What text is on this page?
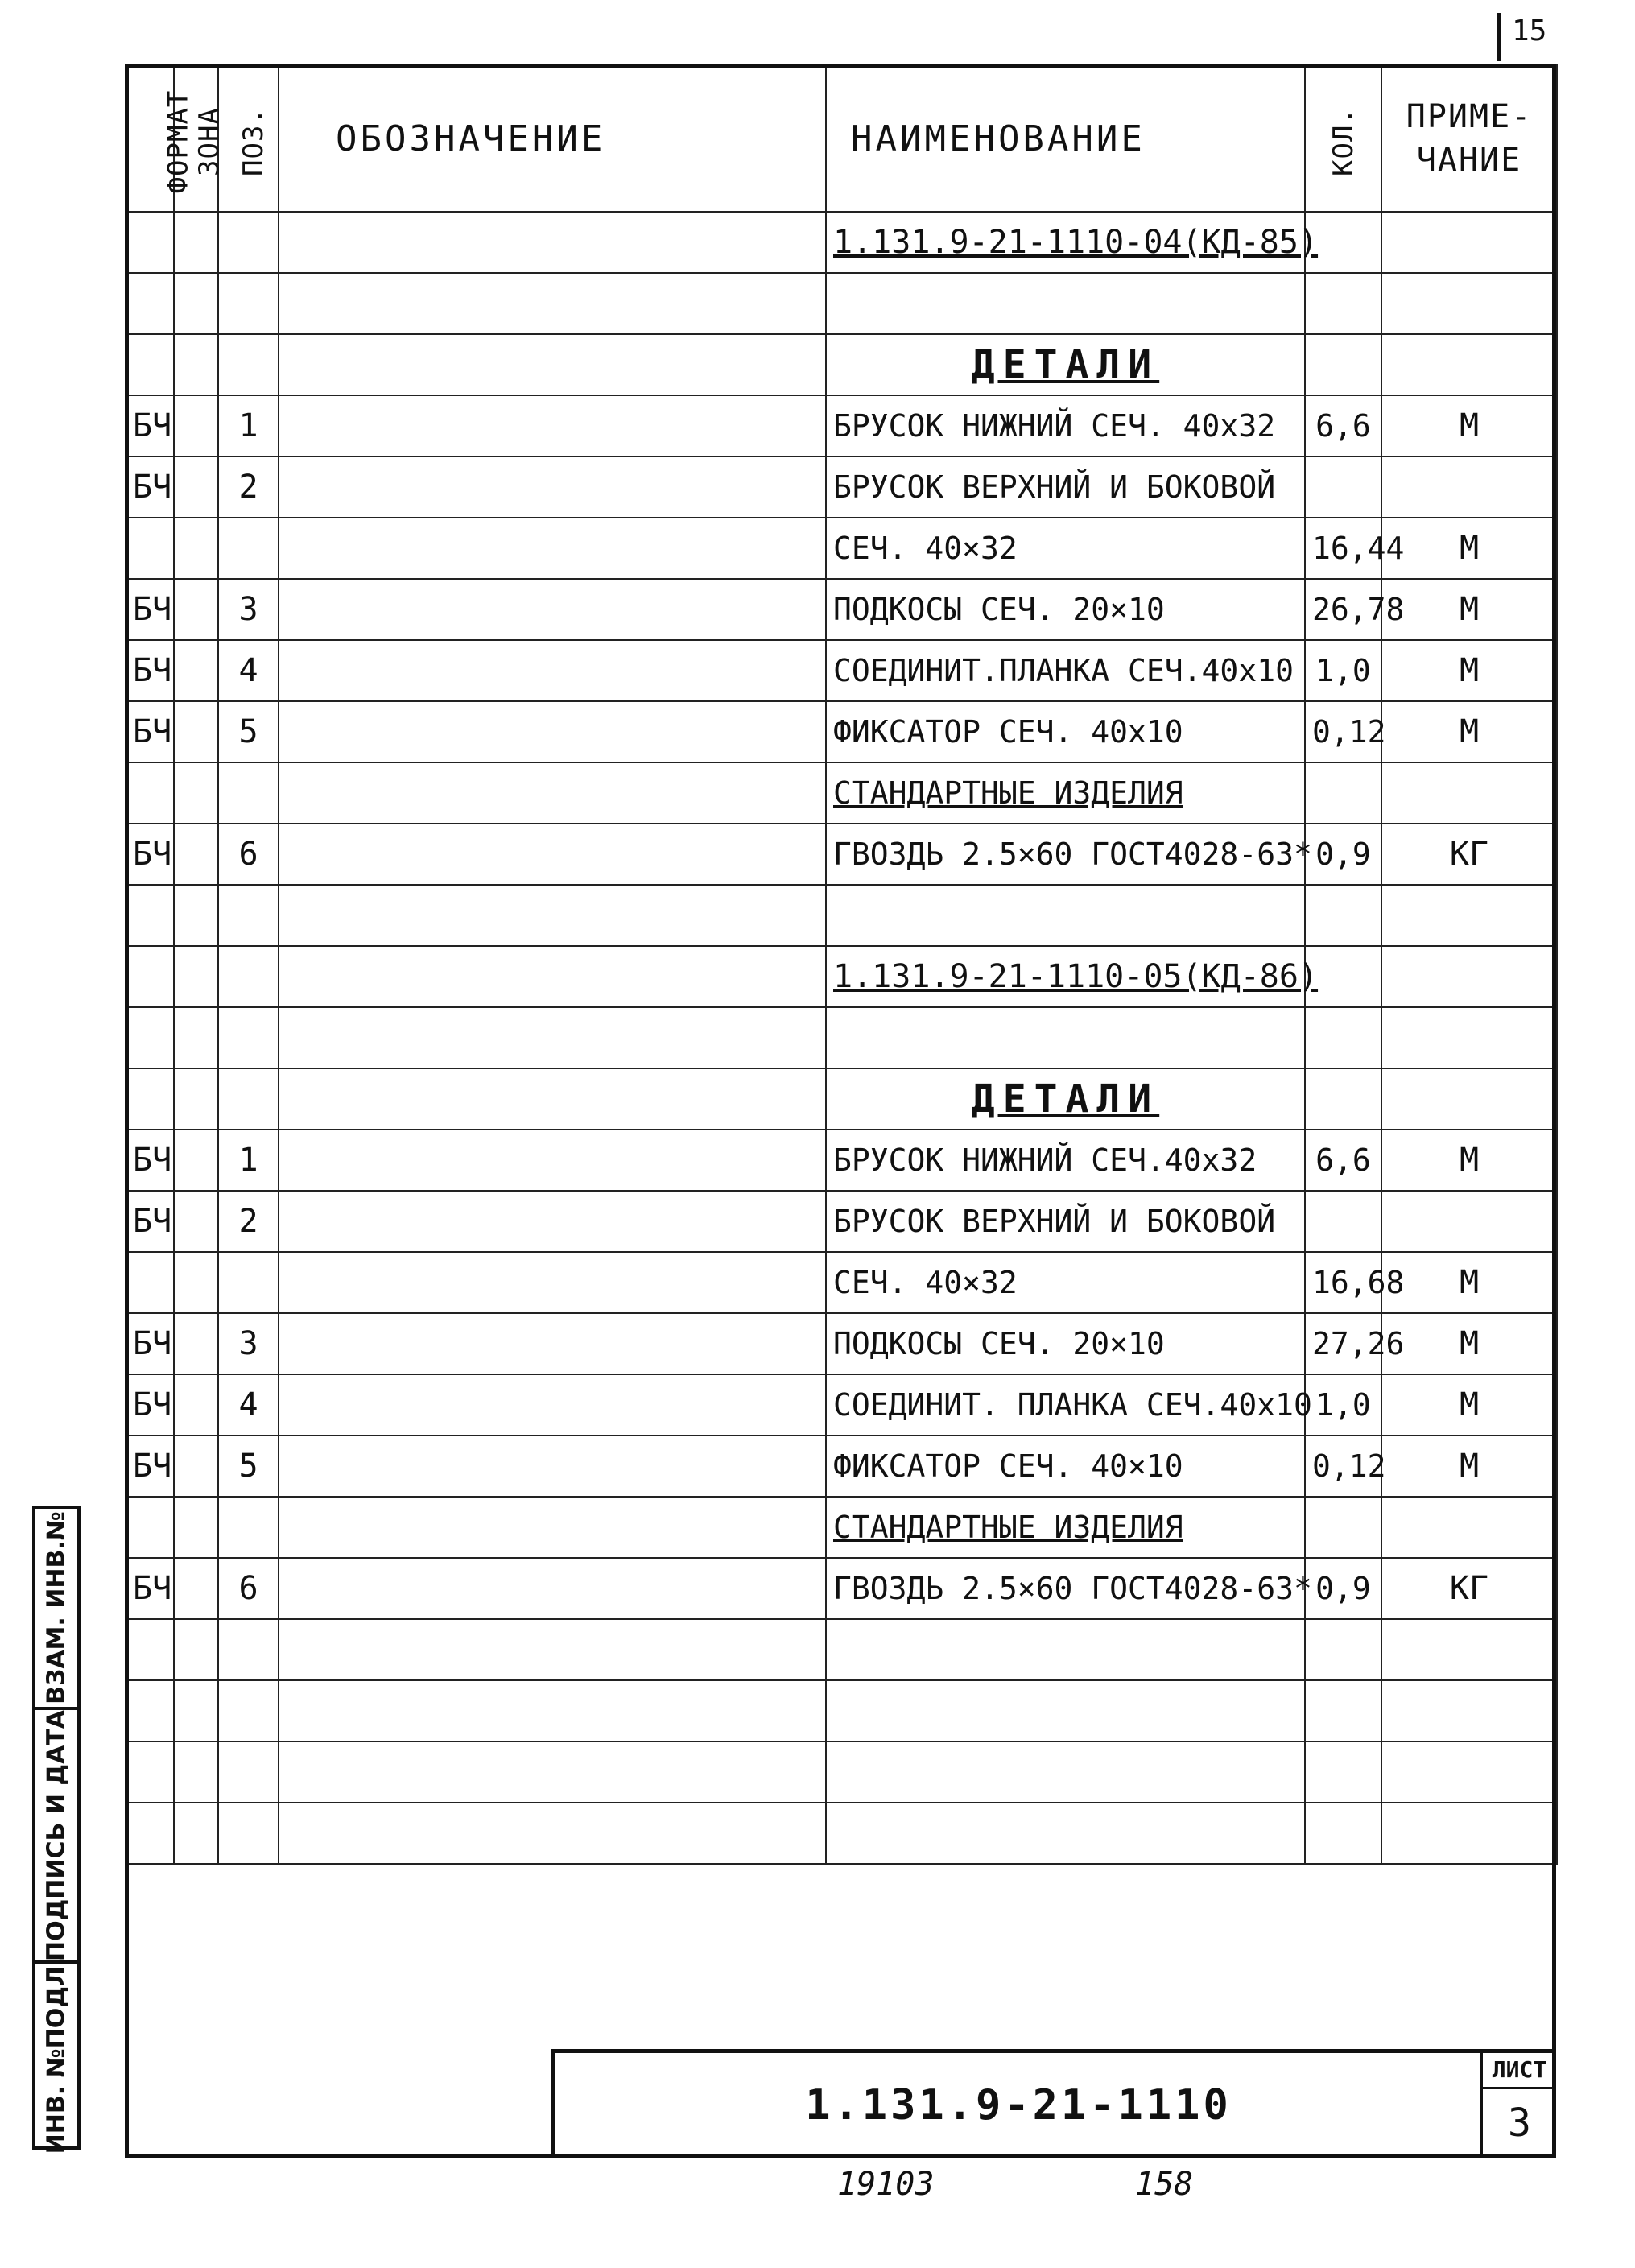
15
ФОРМАТ	ЗОНА	ПОЗ.	ОБОЗНАЧЕНИЕ	НАИМЕНОВАНИЕ	КОЛ.	ПРИМЕ-
ЧАНИЕ

				1.131.9-21-1110-04(КД-85)		

				ДЕТАЛИ		
БЧ		1		БРУСОК НИЖНИЙ СЕЧ. 40х32	6,6	М
БЧ		2		БРУСОК ВЕРХНИЙ И БОКОВОЙ		
				СЕЧ. 40×32	16,44	М
БЧ		3		ПОДКОСЫ СЕЧ. 20×10	26,78	М
БЧ		4		СОЕДИНИТ.ПЛАНКА СЕЧ.40х10	1,0	М
БЧ		5		ФИКСАТОР СЕЧ. 40х10	0,12	М
				СТАНДАРТНЫЕ ИЗДЕЛИЯ		
БЧ		6		ГВОЗДЬ 2.5×60 ГОСТ4028-63*	0,9	КГ

				1.131.9-21-1110-05(КД-86)		

				ДЕТАЛИ		
БЧ		1		БРУСОК НИЖНИЙ СЕЧ.40х32	6,6	М
БЧ		2		БРУСОК ВЕРХНИЙ И БОКОВОЙ		
				СЕЧ. 40×32	16,68	М
БЧ		3		ПОДКОСЫ СЕЧ. 20×10	27,26	М
БЧ		4		СОЕДИНИТ. ПЛАНКА СЕЧ.40х10	1,0	М
БЧ		5		ФИКСАТОР СЕЧ. 40×10	0,12	М
				СТАНДАРТНЫЕ ИЗДЕЛИЯ		
БЧ		6		ГВОЗДЬ 2.5×60 ГОСТ4028-63*	0,9	КГ

ВЗАМ. ИНВ.№
ПОДПИСЬ И ДАТА
ИНВ. №ПОДЛ.	1.131.9-21-1110
ЛИСТ
3
19103	158
